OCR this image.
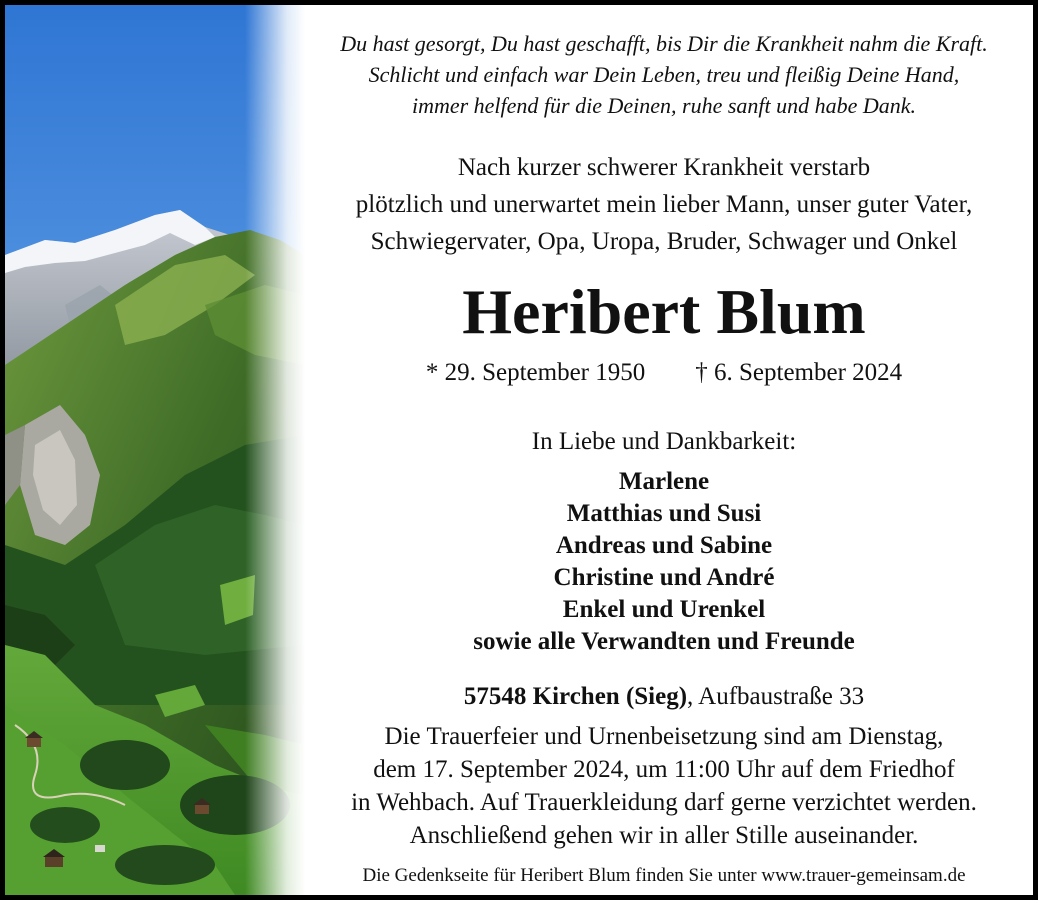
Du hast gesorgt, Du hast geschafft, bis Dir die Krankheit nahm die Kraft.
Schlicht und einfach war Dein Leben, treu und fleißig Deine Hand,
immer helfend für die Deinen, ruhe sanft und habe Dank.
Nach kurzer schwerer Krankheit verstarb
plötzlich und unerwartet mein lieber Mann, unser guter Vater,
Schwiegervater, Opa, Uropa, Bruder, Schwager und Onkel
Heribert Blum
* 29. September 1950 † 6. September 2024
In Liebe und Dankbarkeit:
Marlene
Matthias und Susi
Andreas und Sabine
Christine und André
Enkel und Urenkel
sowie alle Verwandten und Freunde
57548 Kirchen (Sieg), Aufbaustraße 33
Die Trauerfeier und Urnenbeisetzung sind am Dienstag,
dem 17. September 2024, um 11:00 Uhr auf dem Friedhof
in Wehbach. Auf Trauerkleidung darf gerne verzichtet werden.
Anschließend gehen wir in aller Stille auseinander.
Die Gedenkseite für Heribert Blum finden Sie unter www.trauer-gemeinsam.de
